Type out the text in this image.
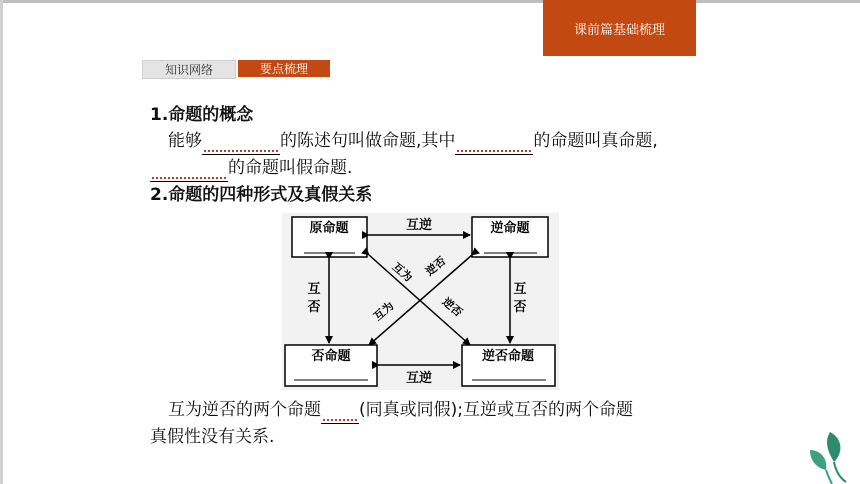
课前篇基础梳理
知识网络	要点梳理
1.命题的概念
能够	的陈述句叫做命题,其中	的命题叫真命题,
的命题叫假命题.
2.命题的四种形式及真假关系
原命题	逆命题
否命题	逆否命题
互逆
互逆
互
否
互
否
互为 逆否
互为	逆否
互为逆否的两个命题 (同真或同假);互逆或互否的两个命题
真假性没有关系.
